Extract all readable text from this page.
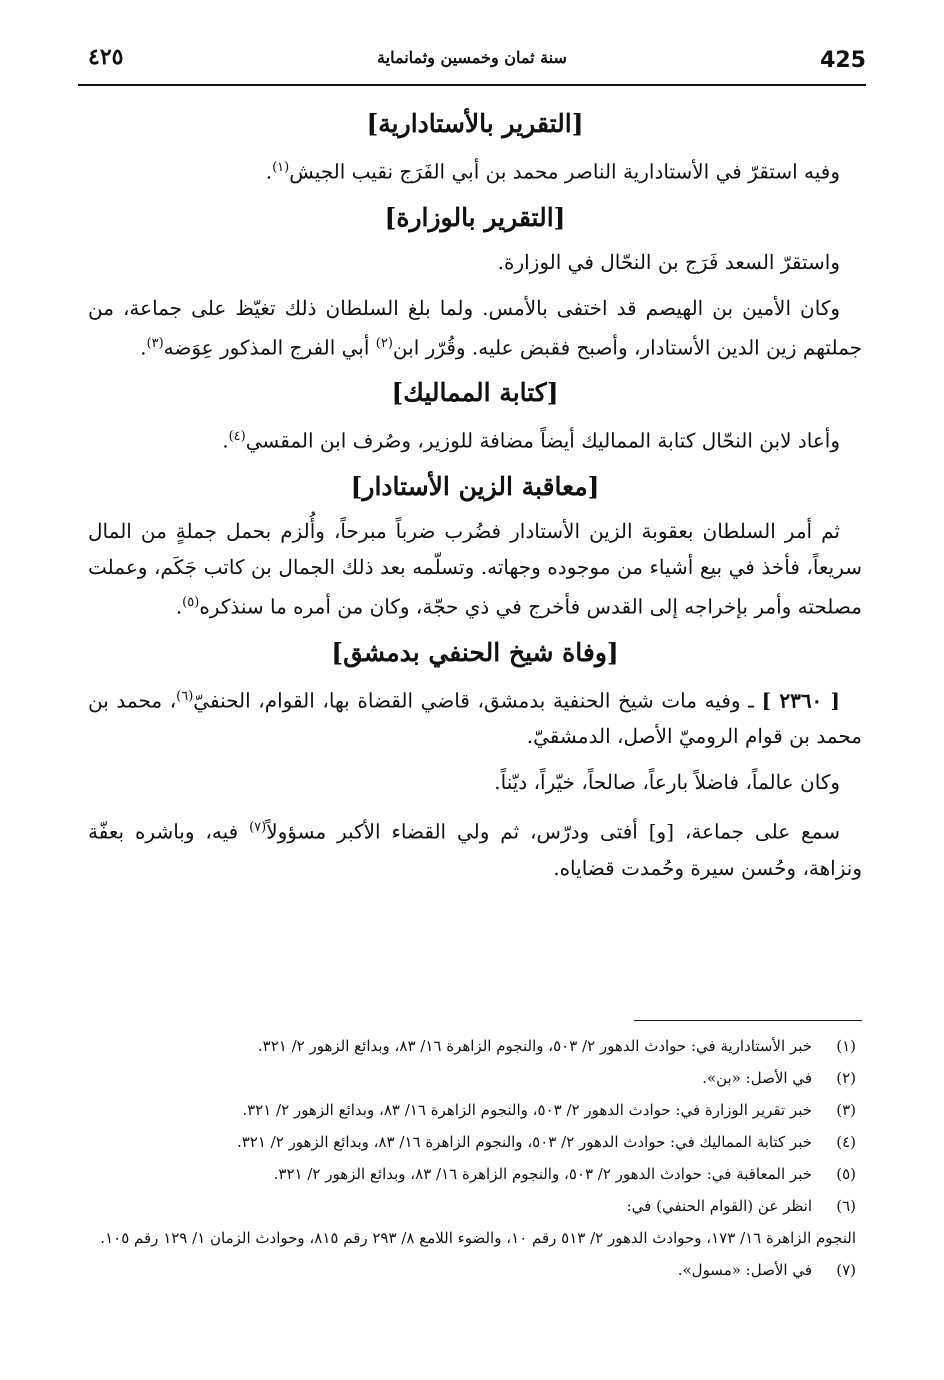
425
سنة ثمان وخمسين وثمانماية
٤٢٥
[التقرير بالأستادارية]

وفيه استقرّ في الأستادارية الناصر محمد بن أبي الفَرَج نقيب الجيش$^{(١)}$.

[التقرير بالوزارة]

واستقرّ السعد فَرَج بن النحّال في الوزارة.

وكان الأمين بن الهيصم قد اختفى بالأمس. ولما بلغ السلطان ذلك تغيّظ على جماعة، من جملتهم زين الدين الأستادار، وأصبح فقبض عليه. وقُرّر ابن$^{(٢)}$ أبي الفرج المذكور عِوَضه$^{(٣)}$.

[كتابة المماليك]

وأعاد لابن النحّال كتابة المماليك أيضاً مضافة للوزير، وصُرف ابن المقسي$^{(٤)}$.

[معاقبة الزين الأستادار]

ثم أمر السلطان بعقوبة الزين الأستادار فضُرب ضرباً مبرحاً، وأُلزم بحمل جملةٍ من المال سريعاً، فأخذ في بيع أشياء من موجوده وجهاته. وتسلّمه بعد ذلك الجمال بن كاتب جَكَم، وعملت مصلحته وأمر بإخراجه إلى القدس فأخرج في ذي حجّة، وكان من أمره ما سنذكره$^{(٥)}$.

[وفاة شيخ الحنفي بدمشق]

[ ٢٣٦٠ ] ـ وفيه مات شيخ الحنفية بدمشق، قاضي القضاة بها، القوام، الحنفيّ$^{(٦)}$، محمد بن محمد بن قوام الروميّ الأصل، الدمشقيّ.

وكان عالماً، فاضلاً بارعاً، صالحاً، خيّراً، ديّناً.

سمع على جماعة، [و] أفتى ودرّس، ثم ولي القضاء الأكبر مسؤولاً$^{(٧)}$ فيه، وباشره بعفّة ونزاهة، وحُسن سيرة وحُمدت قضاياه.

(١)
خبر الأستادارية في: حوادث الدهور ٢/ ٥٠٣، والنجوم الزاهرة ١٦/ ٨٣، وبدائع الزهور ٢/ ٣٢١.
(٢)
في الأصل: «بن».
(٣)
خبر تقرير الوزارة في: حوادث الدهور ٢/ ٥٠٣، والنجوم الزاهرة ١٦/ ٨٣، وبدائع الزهور ٢/ ٣٢١.
(٤)
خبر كتابة المماليك في: حوادث الدهور ٢/ ٥٠٣، والنجوم الزاهرة ١٦/ ٨٣، وبدائع الزهور ٢/ ٣٢١.
(٥)
خبر المعاقبة في: حوادث الدهور ٢/ ٥٠٣، والنجوم الزاهرة ١٦/ ٨٣، وبدائع الزهور ٢/ ٣٢١.
(٦)
انظر عن (القوام الحنفي) في:
النجوم الزاهرة ١٦/ ١٧٣، وحوادث الدهور ٢/ ٥١٣ رقم ١٠، والضوء اللامع ٨/ ٢٩٣ رقم ٨١٥، وحوادث الزمان ١/ ١٢٩ رقم ١٠٥.
(٧)
في الأصل: «مسول».
